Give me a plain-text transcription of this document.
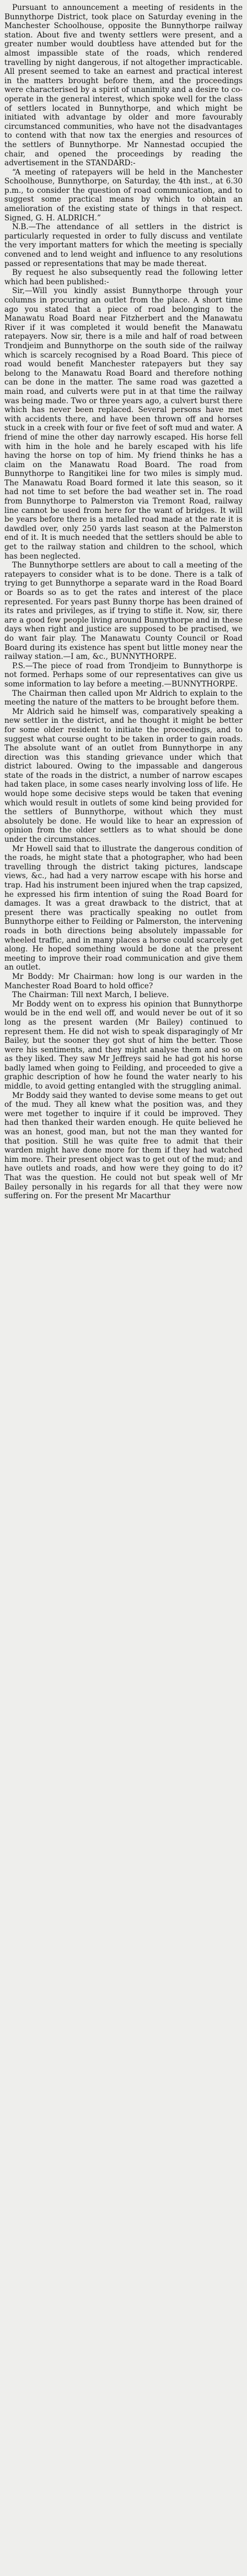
Pursuant to announcement a meeting of residents in the Bunnythorpe District, took place on Saturday evening in the Manchester Schoolhouse, opposite the Bunnythorpe railway station. About five and twenty settlers were present, and a greater number would doubtless have attended but for the almost impassible state of the roads, which rendered travelling by night dangerous, if not altogether impracticable. All present seemed to take an earnest and practical interest in the matters brought before them, and the proceedings were characterised by a spirit of unanimity and a desire to co-operate in the general interest, which spoke well for the class of settlers located in Bunnythorpe, and which might be initiated with advantage by older and more favourably circumstanced communities, who have not the disadvantages to contend with that now tax the energies and resources of the settlers of Bunnythorpe. Mr Nannestad occupied the chair, and opened the proceedings by reading the advertisement in the STANDARD:-

“A meeting of ratepayers will be held in the Manchester Schoolhouse, Bunnythorpe, on Saturday, the 4th inst., at 6.30 p.m., to consider the question of road communication, and to suggest some practical means by which to obtain an amelioration of the existing state of things in that respect. Signed, G. H. ALDRICH.”

N.B.—The attendance of all settlers in the district is particularly requested in order to fully discuss and ventilate the very important matters for which the meeting is specially convened and to lend weight and influence to any resolutions passed or representations that may be made thereat.

By request he also subsequently read the following letter which had been published:-

Sir,—Will you kindly assist Bunnythorpe through your columns in procuring an outlet from the place. A short time ago you stated that a piece of road belonging to the Manawatu Road Board near Fitzherbert and the Manawatu River if it was completed it would benefit the Manawatu ratepayers. Now sir, there is a mile and half of road between Trondjeim and Bunnythorpe on the south side of the railway which is scarcely recognised by a Road Board. This piece of road would benefit Manchester ratepayers but they say belong to the Manawatu Road Board and therefore nothing can be done in the matter. The same road was gazetted a main road, and culverts were put in at that time the railway was being made. Two or three years ago, a culvert burst there which has never been replaced. Several persons have met with accidents there, and have been thrown off and horses stuck in a creek with four or five feet of soft mud and water. A friend of mine the other day narrowly escaped. His horse fell with him in the hole and he barely escaped with his life having the horse on top of him. My friend thinks he has a claim on the Manawatu Road Board. The road from Bunnythorpe to Rangitikei line for two miles is simply mud. The Manawatu Road Board formed it late this season, so it had not time to set before the bad weather set in. The road from Bunnythorpe to Palmerston via Tremont Road, railway line cannot be used from here for the want of bridges. It will be years before there is a metalled road made at the rate it is dawdled over, only 250 yards last season at the Palmerston end of it. It is much needed that the settlers should be able to get to the railway station and children to the school, which has been neglected.

The Bunnythorpe settlers are about to call a meeting of the ratepayers to consider what is to be done. There is a talk of trying to get Bunnythorpe a separate ward in the Road Board or Boards so as to get the rates and interest of the place represented. For years past Bunny thorpe has been drained of its rates and privileges, as if trying to stifle it. Now, sir, there are a good few people living around Bunnythorpe and in these days when right and justice are supposed to be practised, we do want fair play. The Manawatu County Council or Road Board during its existence has spent but little money near the railway station.—I am, &c., BUNNYTHORPE.

P.S.—The piece of road from Trondjeim to Bunnythorpe is not formed. Perhaps some of our representatives can give us some information to lay before a meeting.—BUNNYTHORPE.

The Chairman then called upon Mr Aldrich to explain to the meeting the nature of the matters to be brought before them.

Mr Aldrich said he himself was, comparatively speaking a new settler in the district, and he thought it might be better for some older resident to initiate the proceedings, and to suggest what course ought to be taken in order to gain roads. The absolute want of an outlet from Bunnythorpe in any direction was this standing grievance under which that district laboured. Owing to the impassable and dangerous state of the roads in the district, a number of narrow escapes had taken place, in some cases nearly involving loss of life. He would hope some decisive steps would be taken that evening which would result in outlets of some kind being provided for the settlers of Bunnythorpe, without which they must absolutely be done. He would like to hear an expression of opinion from the older settlers as to what should be done under the circumstances.

Mr Howell said that to illustrate the dangerous condition of the roads, he might state that a photographer, who had been travelling through the district taking pictures, landscape views, &c., had had a very narrow escape with his horse and trap. Had his instrument been injured when the trap capsized, he expressed his firm intention of suing the Road Board for damages. It was a great drawback to the district, that at present there was practically speaking no outlet from Bunnythorpe either to Feilding or Palmerston, the intervening roads in both directions being absolutely impassable for wheeled traffic, and in many places a horse could scarcely get along. He hoped something would be done at the present meeting to improve their road communication and give them an outlet.

Mr Boddy: Mr Chairman: how long is our warden in the Manchester Road Board to hold office?

The Chairman: Till next March, I believe.

Mr Boddy went on to express his opinion that Bunnythorpe would be in the end well off, and would never be out of it so long as the present warden (Mr Bailey) continued to represent them. He did not wish to speak disparagingly of Mr Bailey, but the sooner they got shut of him the better. Those were his sentiments, and they might analyse them and so on as they liked. They saw Mr Jeffreys said he had got his horse badly lamed when going to Feilding, and proceeded to give a graphic description of how he found the water nearly to his middle, to avoid getting entangled with the struggling animal.

Mr Boddy said they wanted to devise some means to get out of the mud. They all knew what the position was, and they were met together to inquire if it could be improved. They had then thanked their warden enough. He quite believed he was an honest, good man, but not the man they wanted for that position. Still he was quite free to admit that their warden might have done more for them if they had watched him more. Their present object was to get out of the mud; and have outlets and roads, and how were they going to do it? That was the question. He could not but speak well of Mr Bailey personally in his regards for all that they were now suffering on. For the present Mr Macarthur
